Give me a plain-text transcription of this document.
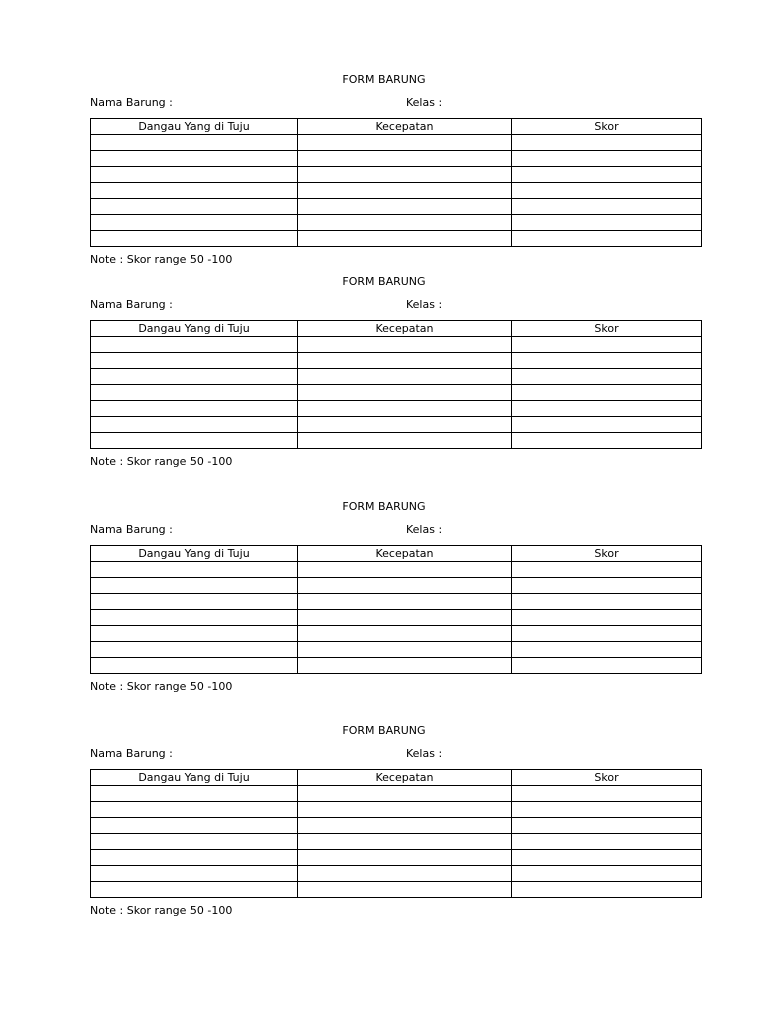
FORM BARUNG
Nama Barung :	Kelas :
Dangau Yang di Tuju	Kecepatan	Skor

Note : Skor range 50 -100
FORM BARUNG
Nama Barung :	Kelas :
Dangau Yang di Tuju	Kecepatan	Skor

Note : Skor range 50 -100
FORM BARUNG
Nama Barung :	Kelas :
Dangau Yang di Tuju	Kecepatan	Skor

Note : Skor range 50 -100
FORM BARUNG
Nama Barung :	Kelas :
Dangau Yang di Tuju	Kecepatan	Skor

Note : Skor range 50 -100
